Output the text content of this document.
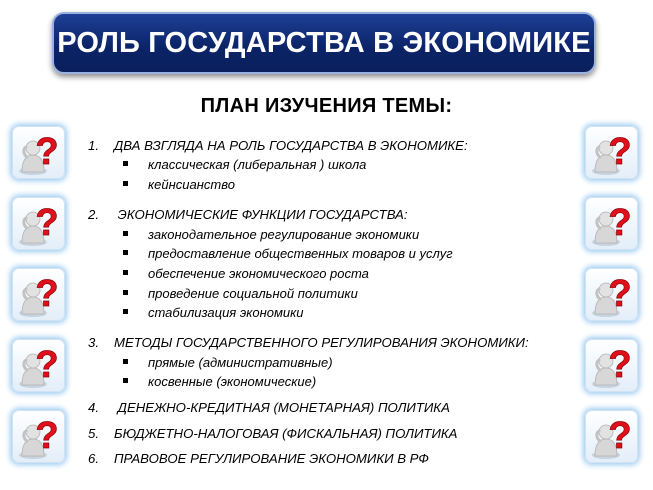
РОЛЬ ГОСУДАРСТВА В ЭКОНОМИКЕ
ПЛАН ИЗУЧЕНИЯ ТЕМЫ:
?
?
?
?
?
?
?
?
?
?
1. ДВА ВЗГЛЯДА НА РОЛЬ ГОСУДАРСТВА В ЭКОНОМИКЕ:
классическая (либеральная ) школа
кейнсианство
2. ЭКОНОМИЧЕСКИЕ ФУНКЦИИ ГОСУДАРСТВА:
законодательное регулирование экономики
предоставление общественных товаров и услуг
обеспечение экономического роста
проведение социальной политики
стабилизация экономики
3. МЕТОДЫ ГОСУДАРСТВЕННОГО РЕГУЛИРОВАНИЯ ЭКОНОМИКИ:
прямые (административные)
косвенные (экономические)
4. ДЕНЕЖНО-КРЕДИТНАЯ (МОНЕТАРНАЯ) ПОЛИТИКА
5. БЮДЖЕТНО-НАЛОГОВАЯ (ФИСКАЛЬНАЯ) ПОЛИТИКА
6. ПРАВОВОЕ РЕГУЛИРОВАНИЕ ЭКОНОМИКИ В РФ
